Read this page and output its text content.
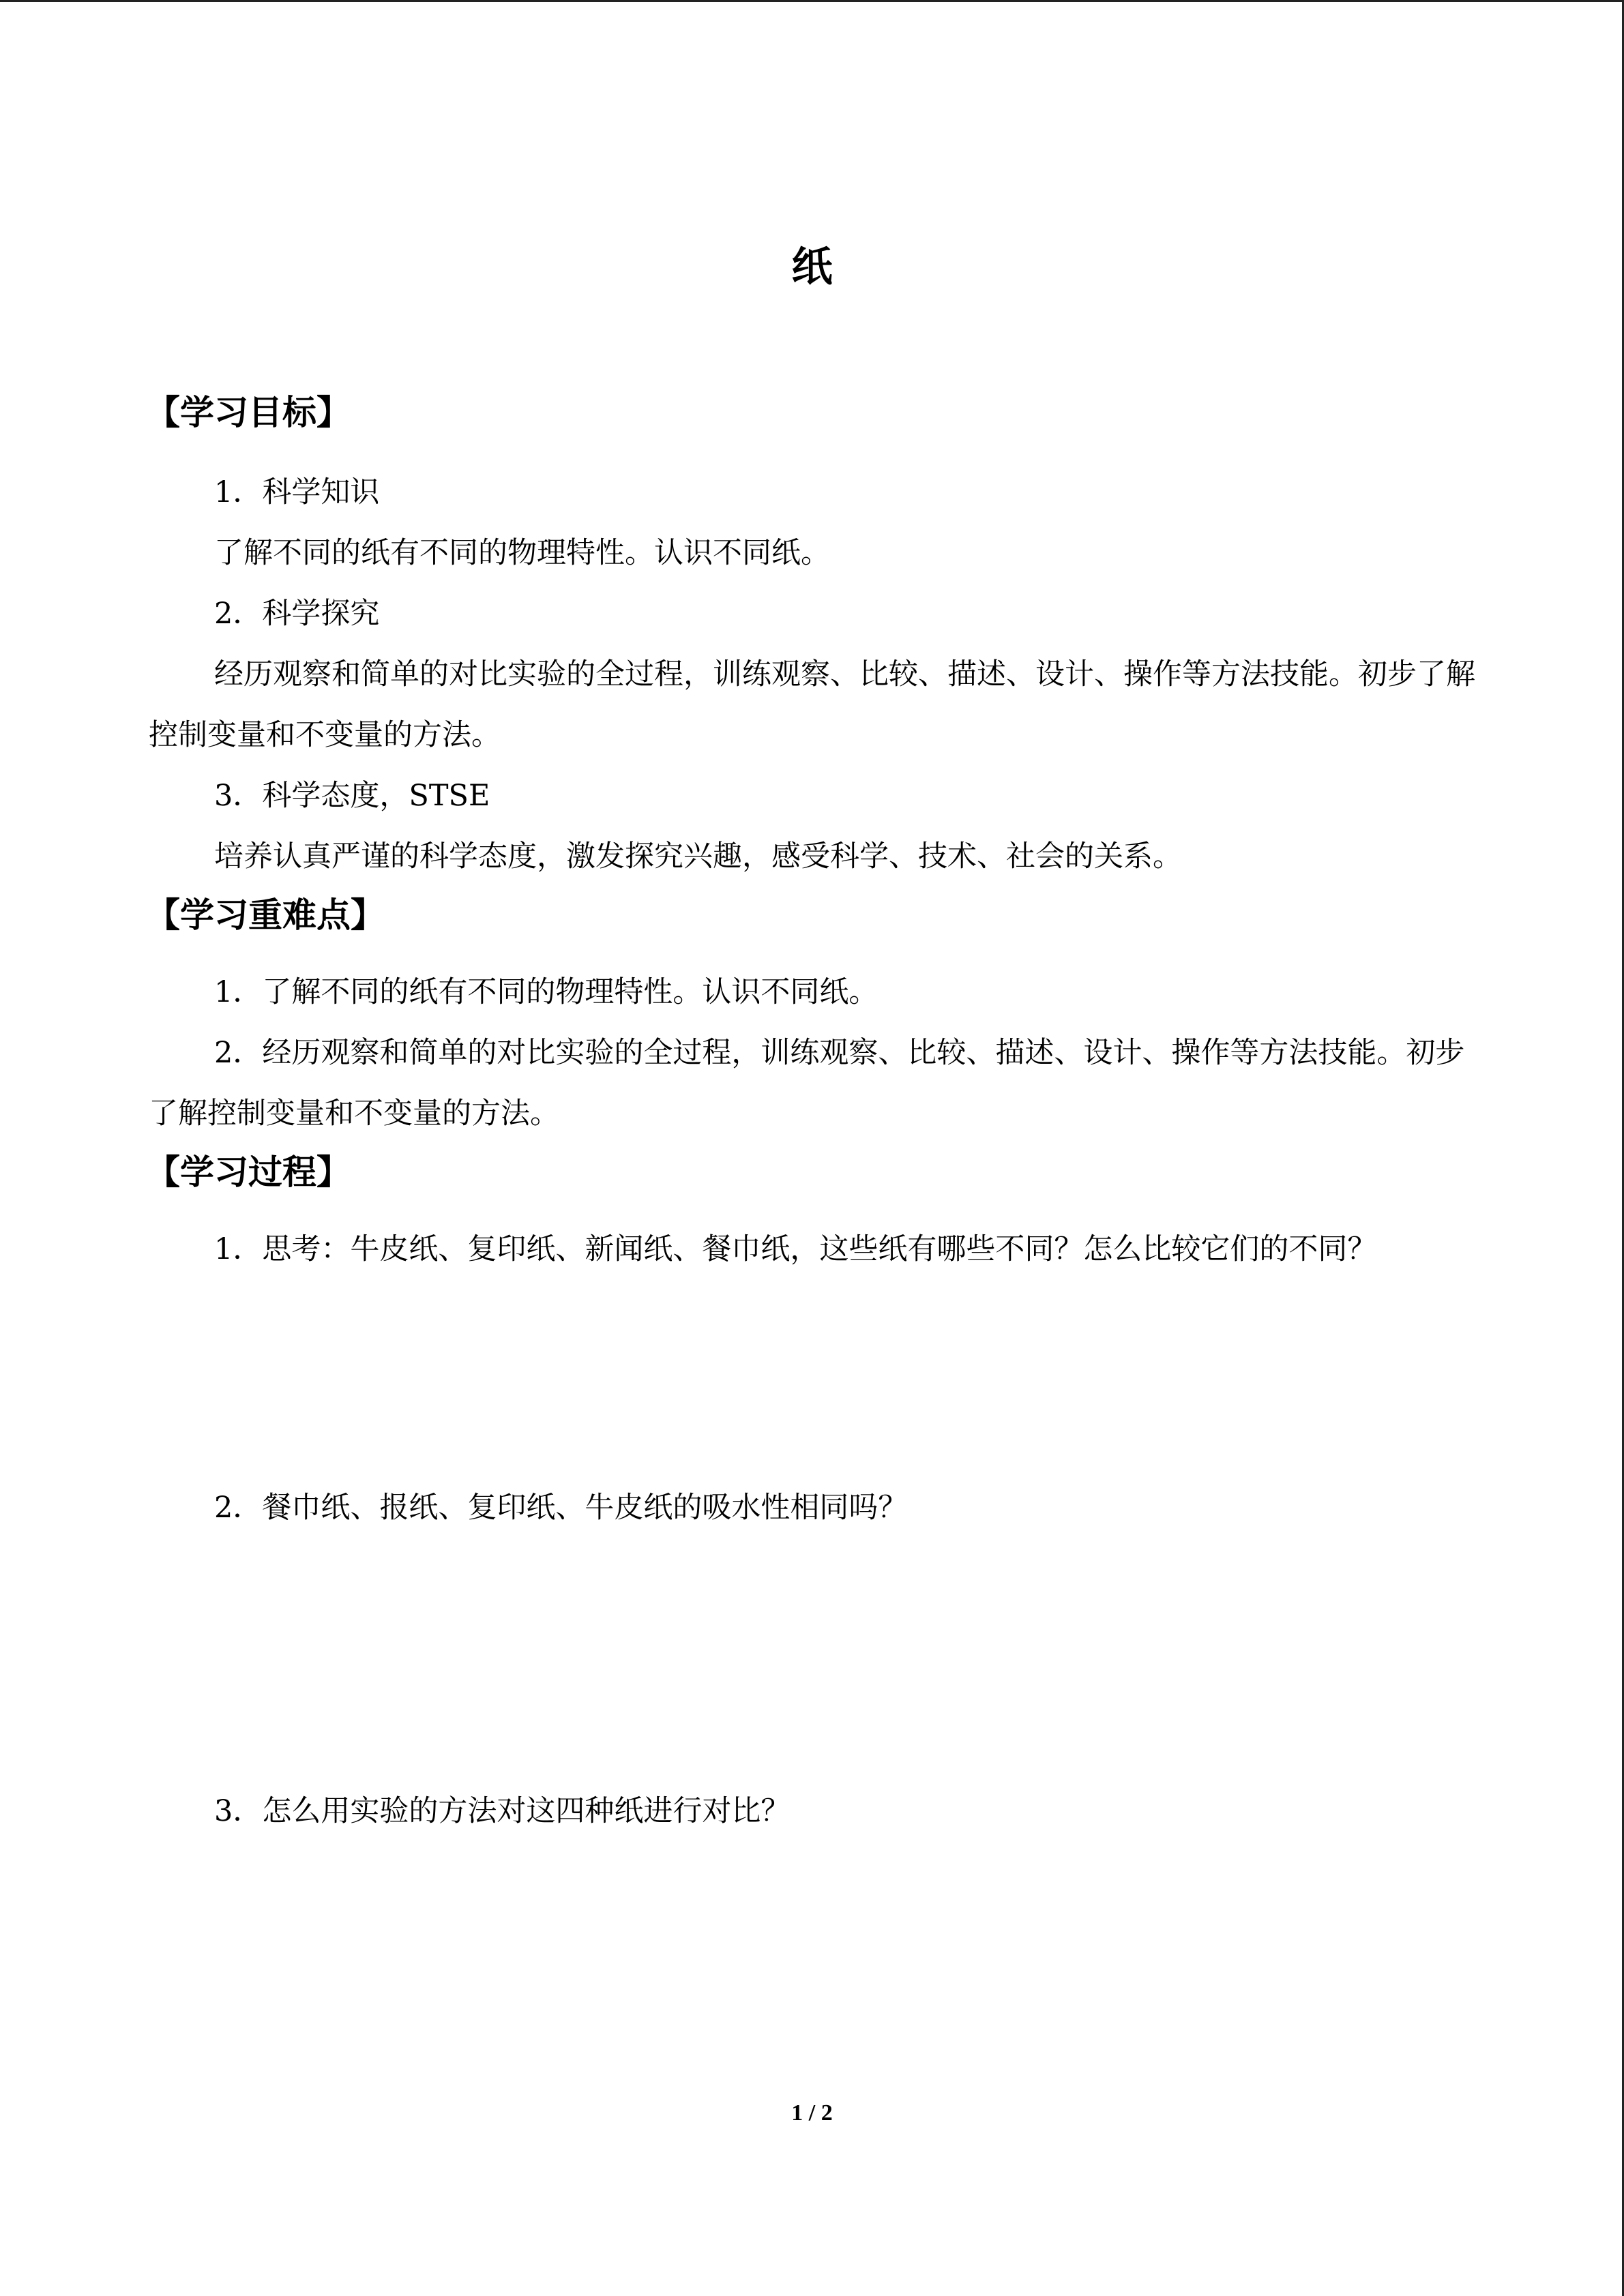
纸
【学习目标】

1．科学知识

了解不同的纸有不同的物理特性。认识不同纸。

2．科学探究

经历观察和简单的对比实验的全过程，训练观察、比较、描述、设计、操作等方法技能。初步了解控制变量和不变量的方法。

3．科学态度，STSE

培养认真严谨的科学态度，激发探究兴趣，感受科学、技术、社会的关系。

【学习重难点】

1．了解不同的纸有不同的物理特性。认识不同纸。

2．经历观察和简单的对比实验的全过程，训练观察、比较、描述、设计、操作等方法技能。初步了解控制变量和不变量的方法。

【学习过程】

1．思考：牛皮纸、复印纸、新闻纸、餐巾纸，这些纸有哪些不同？怎么比较它们的不同？

2．餐巾纸、报纸、复印纸、牛皮纸的吸水性相同吗？

3．怎么用实验的方法对这四种纸进行对比？

1 / 2
